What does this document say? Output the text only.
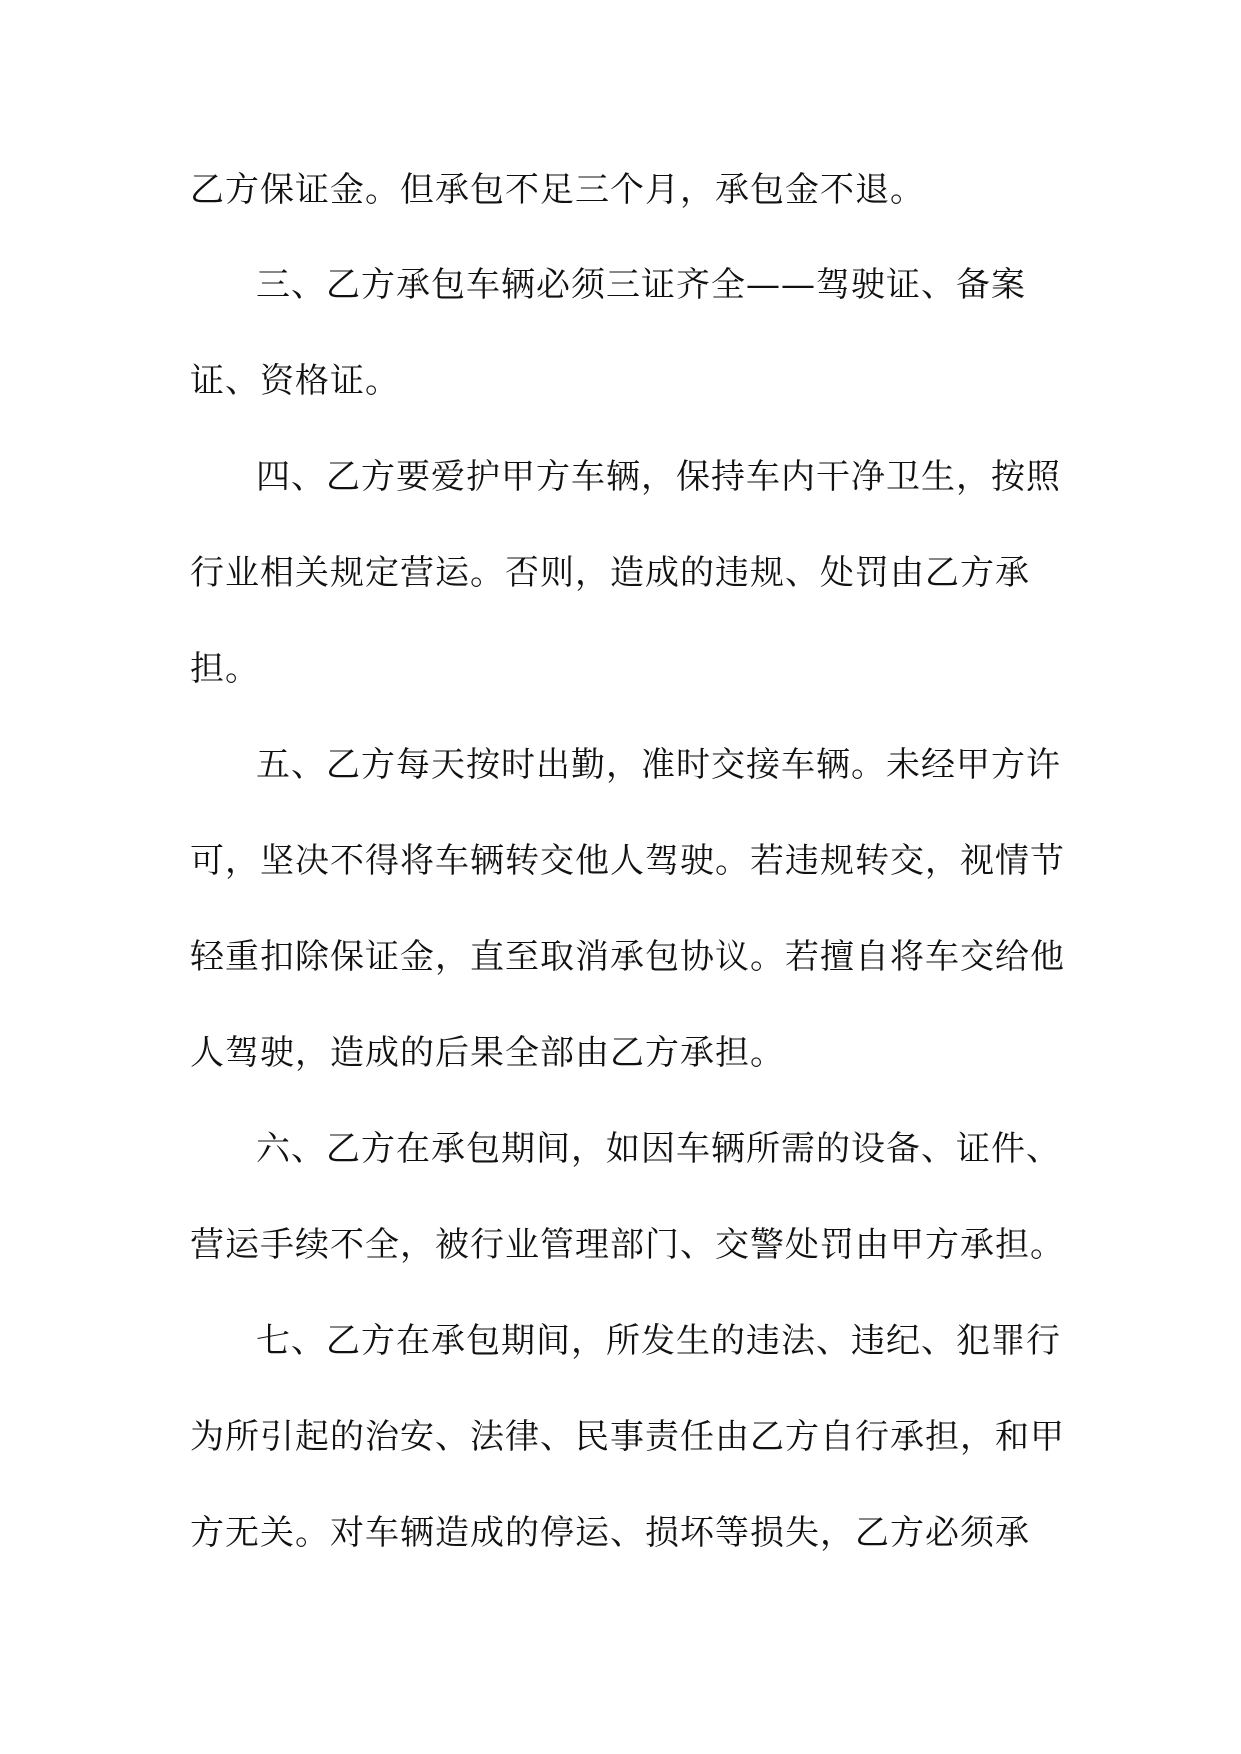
乙方保证金。但承包不足三个月，承包金不退。
三、乙方承包车辆必须三证齐全——驾驶证、备案
证、资格证。
四、乙方要爱护甲方车辆，保持车内干净卫生，按照
行业相关规定营运。否则，造成的违规、处罚由乙方承
担。
五、乙方每天按时出勤，准时交接车辆。未经甲方许
可，坚决不得将车辆转交他人驾驶。若违规转交，视情节
轻重扣除保证金，直至取消承包协议。若擅自将车交给他
人驾驶，造成的后果全部由乙方承担。
六、乙方在承包期间，如因车辆所需的设备、证件、
营运手续不全，被行业管理部门、交警处罚由甲方承担。
七、乙方在承包期间，所发生的违法、违纪、犯罪行
为所引起的治安、法律、民事责任由乙方自行承担，和甲
方无关。对车辆造成的停运、损坏等损失，乙方必须承
